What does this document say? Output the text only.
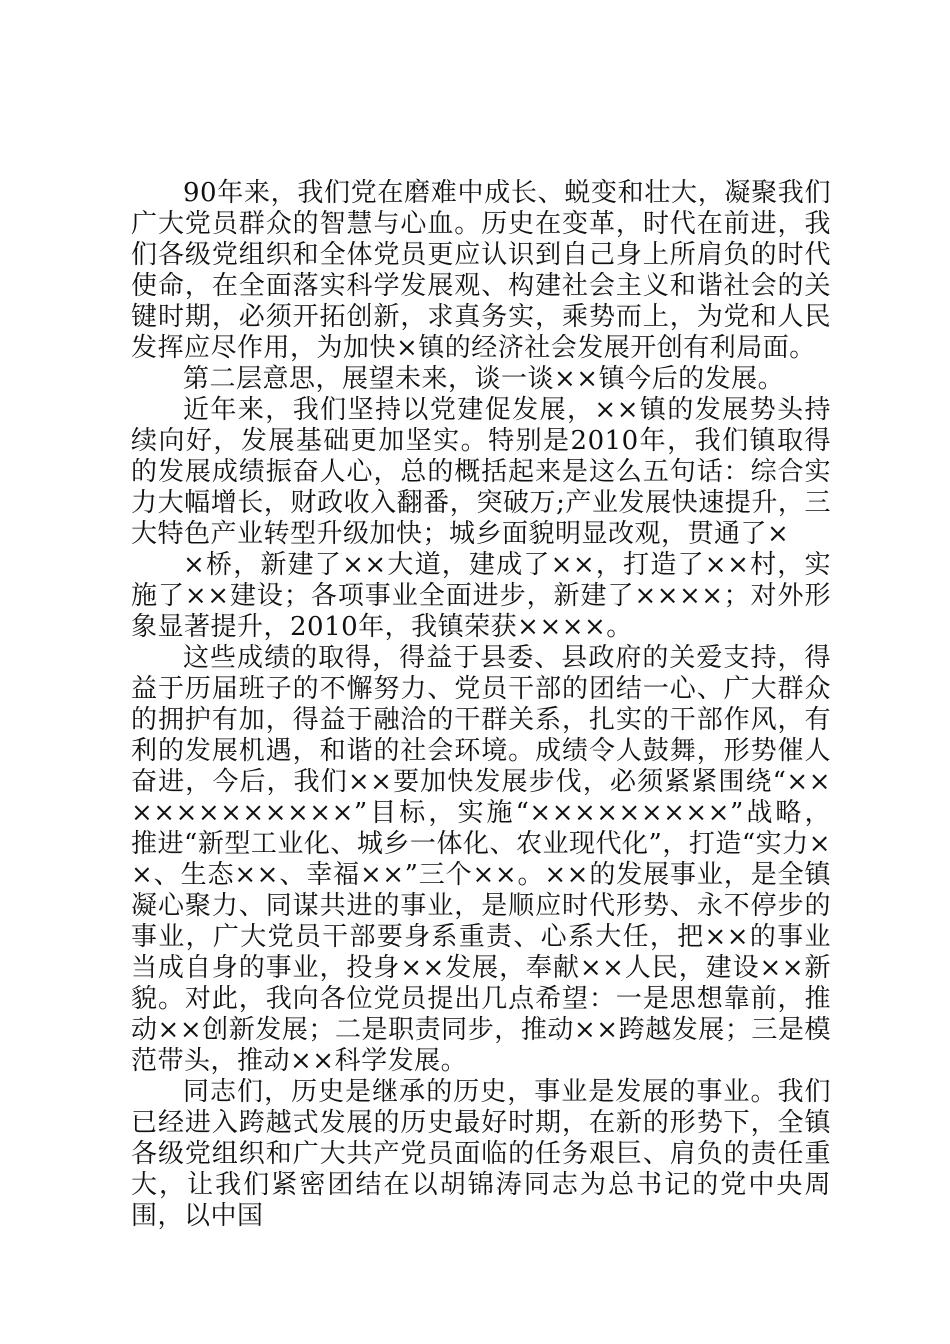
90年来，我们党在磨难中成长、蜕变和壮大，凝聚我们广大党员群众的智慧与心血。历史在变革，时代在前进，我们各级党组织和全体党员更应认识到自己身上所肩负的时代使命，在全面落实科学发展观、构建社会主义和谐社会的关键时期，必须开拓创新，求真务实，乘势而上，为党和人民发挥应尽作用，为加快×镇的经济社会发展开创有利局面。

第二层意思，展望未来，谈一谈××镇今后的发展。

近年来，我们坚持以党建促发展，××镇的发展势头持续向好，发展基础更加坚实。特别是2010年，我们镇取得的发展成绩振奋人心，总的概括起来是这么五句话：综合实力大幅增长，财政收入翻番，突破万;产业发展快速提升，三大特色产业转型升级加快；城乡面貌明显改观，贯通了×

×桥，新建了××大道，建成了××，打造了××村，实施了××建设；各项事业全面进步，新建了××××；对外形象显著提升，2010年，我镇荣获××××。

这些成绩的取得，得益于县委、县政府的关爱支持，得益于历届班子的不懈努力、党员干部的团结一心、广大群众的拥护有加，得益于融洽的干群关系，扎实的干部作风，有利的发展机遇，和谐的社会环境。成绩令人鼓舞，形势催人奋进，今后，我们××要加快发展步伐，必须紧紧围绕“××××××××××××”目标，实施“×××××××××”战略，推进“新型工业化、城乡一体化、农业现代化”，打造“实力××、生态××、幸福××”三个××。××的发展事业，是全镇凝心聚力、同谋共进的事业，是顺应时代形势、永不停步的事业，广大党员干部要身系重责、心系大任，把××的事业当成自身的事业，投身××发展，奉献××人民，建设××新貌。对此，我向各位党员提出几点希望：一是思想靠前，推动××创新发展；二是职责同步，推动××跨越发展；三是模范带头，推动××科学发展。

同志们，历史是继承的历史，事业是发展的事业。我们已经进入跨越式发展的历史最好时期，在新的形势下，全镇各级党组织和广大共产党员面临的任务艰巨、肩负的责任重大，让我们紧密团结在以胡锦涛同志为总书记的党中央周围，以中国
